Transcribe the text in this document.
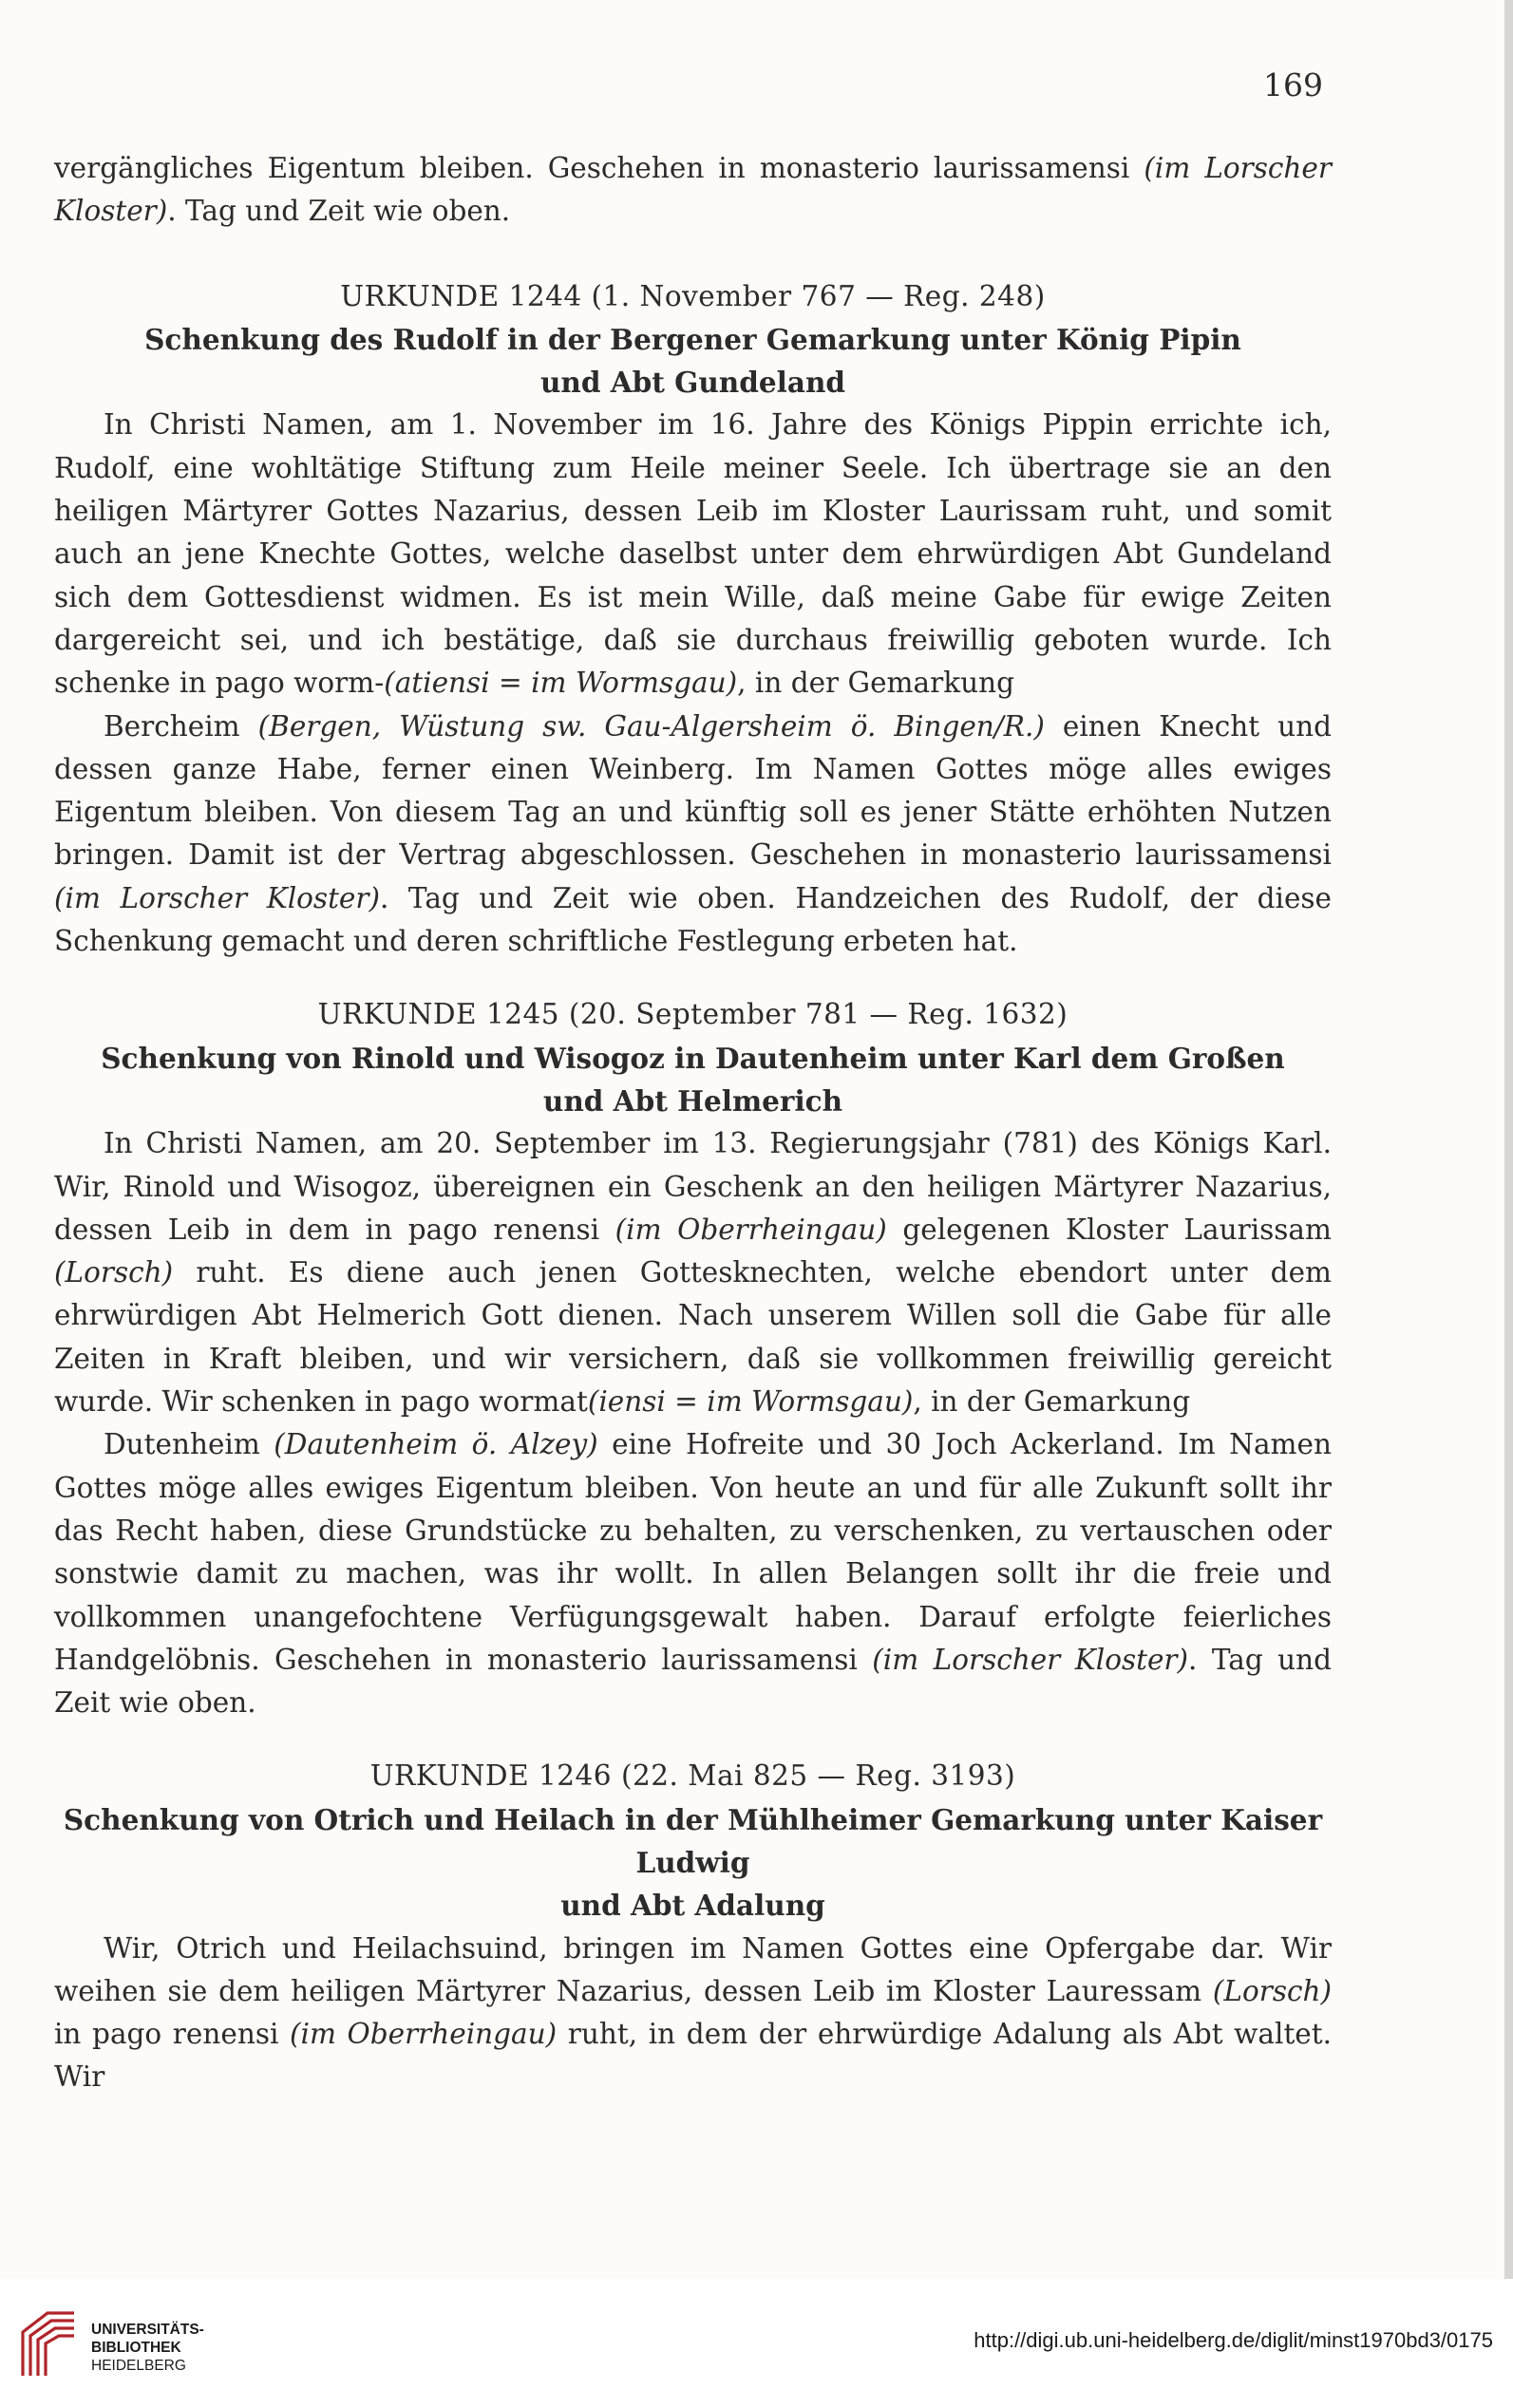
169

vergängliches Eigentum bleiben. Geschehen in monasterio laurissamensi (im Lorscher Kloster). Tag und Zeit wie oben.

URKUNDE 1244 (1. November 767 — Reg. 248)

Schenkung des Rudolf in der Bergener Gemarkung unter König Pipin

und Abt Gundeland

In Christi Namen, am 1. November im 16. Jahre des Königs Pippin errichte ich, Rudolf, eine wohltätige Stiftung zum Heile meiner Seele. Ich übertrage sie an den heiligen Märtyrer Gottes Nazarius, dessen Leib im Kloster Laurissam ruht, und somit auch an jene Knechte Gottes, welche daselbst unter dem ehrwürdigen Abt Gundeland sich dem Gottesdienst widmen. Es ist mein Wille, daß meine Gabe für ewige Zeiten dargereicht sei, und ich bestätige, daß sie durchaus freiwillig geboten wurde. Ich schenke in pago worm-(atiensi = im Wormsgau), in der Gemarkung

Bercheim (Bergen, Wüstung sw. Gau-Algersheim ö. Bingen/R.) einen Knecht und dessen ganze Habe, ferner einen Weinberg. Im Namen Gottes möge alles ewiges Eigentum bleiben. Von diesem Tag an und künftig soll es jener Stätte erhöhten Nutzen bringen. Damit ist der Vertrag abgeschlossen. Geschehen in monasterio laurissamensi (im Lorscher Kloster). Tag und Zeit wie oben. Handzeichen des Rudolf, der diese Schenkung gemacht und deren schriftliche Festlegung erbeten hat.

URKUNDE 1245 (20. September 781 — Reg. 1632)

Schenkung von Rinold und Wisogoz in Dautenheim unter Karl dem Großen

und Abt Helmerich

In Christi Namen, am 20. September im 13. Regierungsjahr (781) des Königs Karl. Wir, Rinold und Wisogoz, übereignen ein Geschenk an den heiligen Märtyrer Nazarius, dessen Leib in dem in pago renensi (im Oberrheingau) gelegenen Kloster Laurissam (Lorsch) ruht. Es diene auch jenen Gottesknechten, welche ebendort unter dem ehrwürdigen Abt Helmerich Gott dienen. Nach unserem Willen soll die Gabe für alle Zeiten in Kraft bleiben, und wir versichern, daß sie vollkommen freiwillig gereicht wurde. Wir schenken in pago wormat(iensi = im Wormsgau), in der Gemarkung

Dutenheim (Dautenheim ö. Alzey) eine Hofreite und 30 Joch Ackerland. Im Namen Gottes möge alles ewiges Eigentum bleiben. Von heute an und für alle Zukunft sollt ihr das Recht haben, diese Grundstücke zu behalten, zu verschenken, zu vertauschen oder sonstwie damit zu machen, was ihr wollt. In allen Belangen sollt ihr die freie und vollkommen unangefochtene Verfügungsgewalt haben. Darauf erfolgte feierliches Handgelöbnis. Geschehen in monasterio laurissamensi (im Lorscher Kloster). Tag und Zeit wie oben.

URKUNDE 1246 (22. Mai 825 — Reg. 3193)

Schenkung von Otrich und Heilach in der Mühlheimer Gemarkung unter Kaiser Ludwig

und Abt Adalung

Wir, Otrich und Heilachsuind, bringen im Namen Gottes eine Opfergabe dar. Wir weihen sie dem heiligen Märtyrer Nazarius, dessen Leib im Kloster Lauressam (Lorsch) in pago renensi (im Oberrheingau) ruht, in dem der ehrwürdige Adalung als Abt waltet. Wir

UNIVERSITÄTS-
BIBLIOTHEK
HEIDELBERG
http://digi.ub.uni-heidelberg.de/diglit/minst1970bd3/0175
